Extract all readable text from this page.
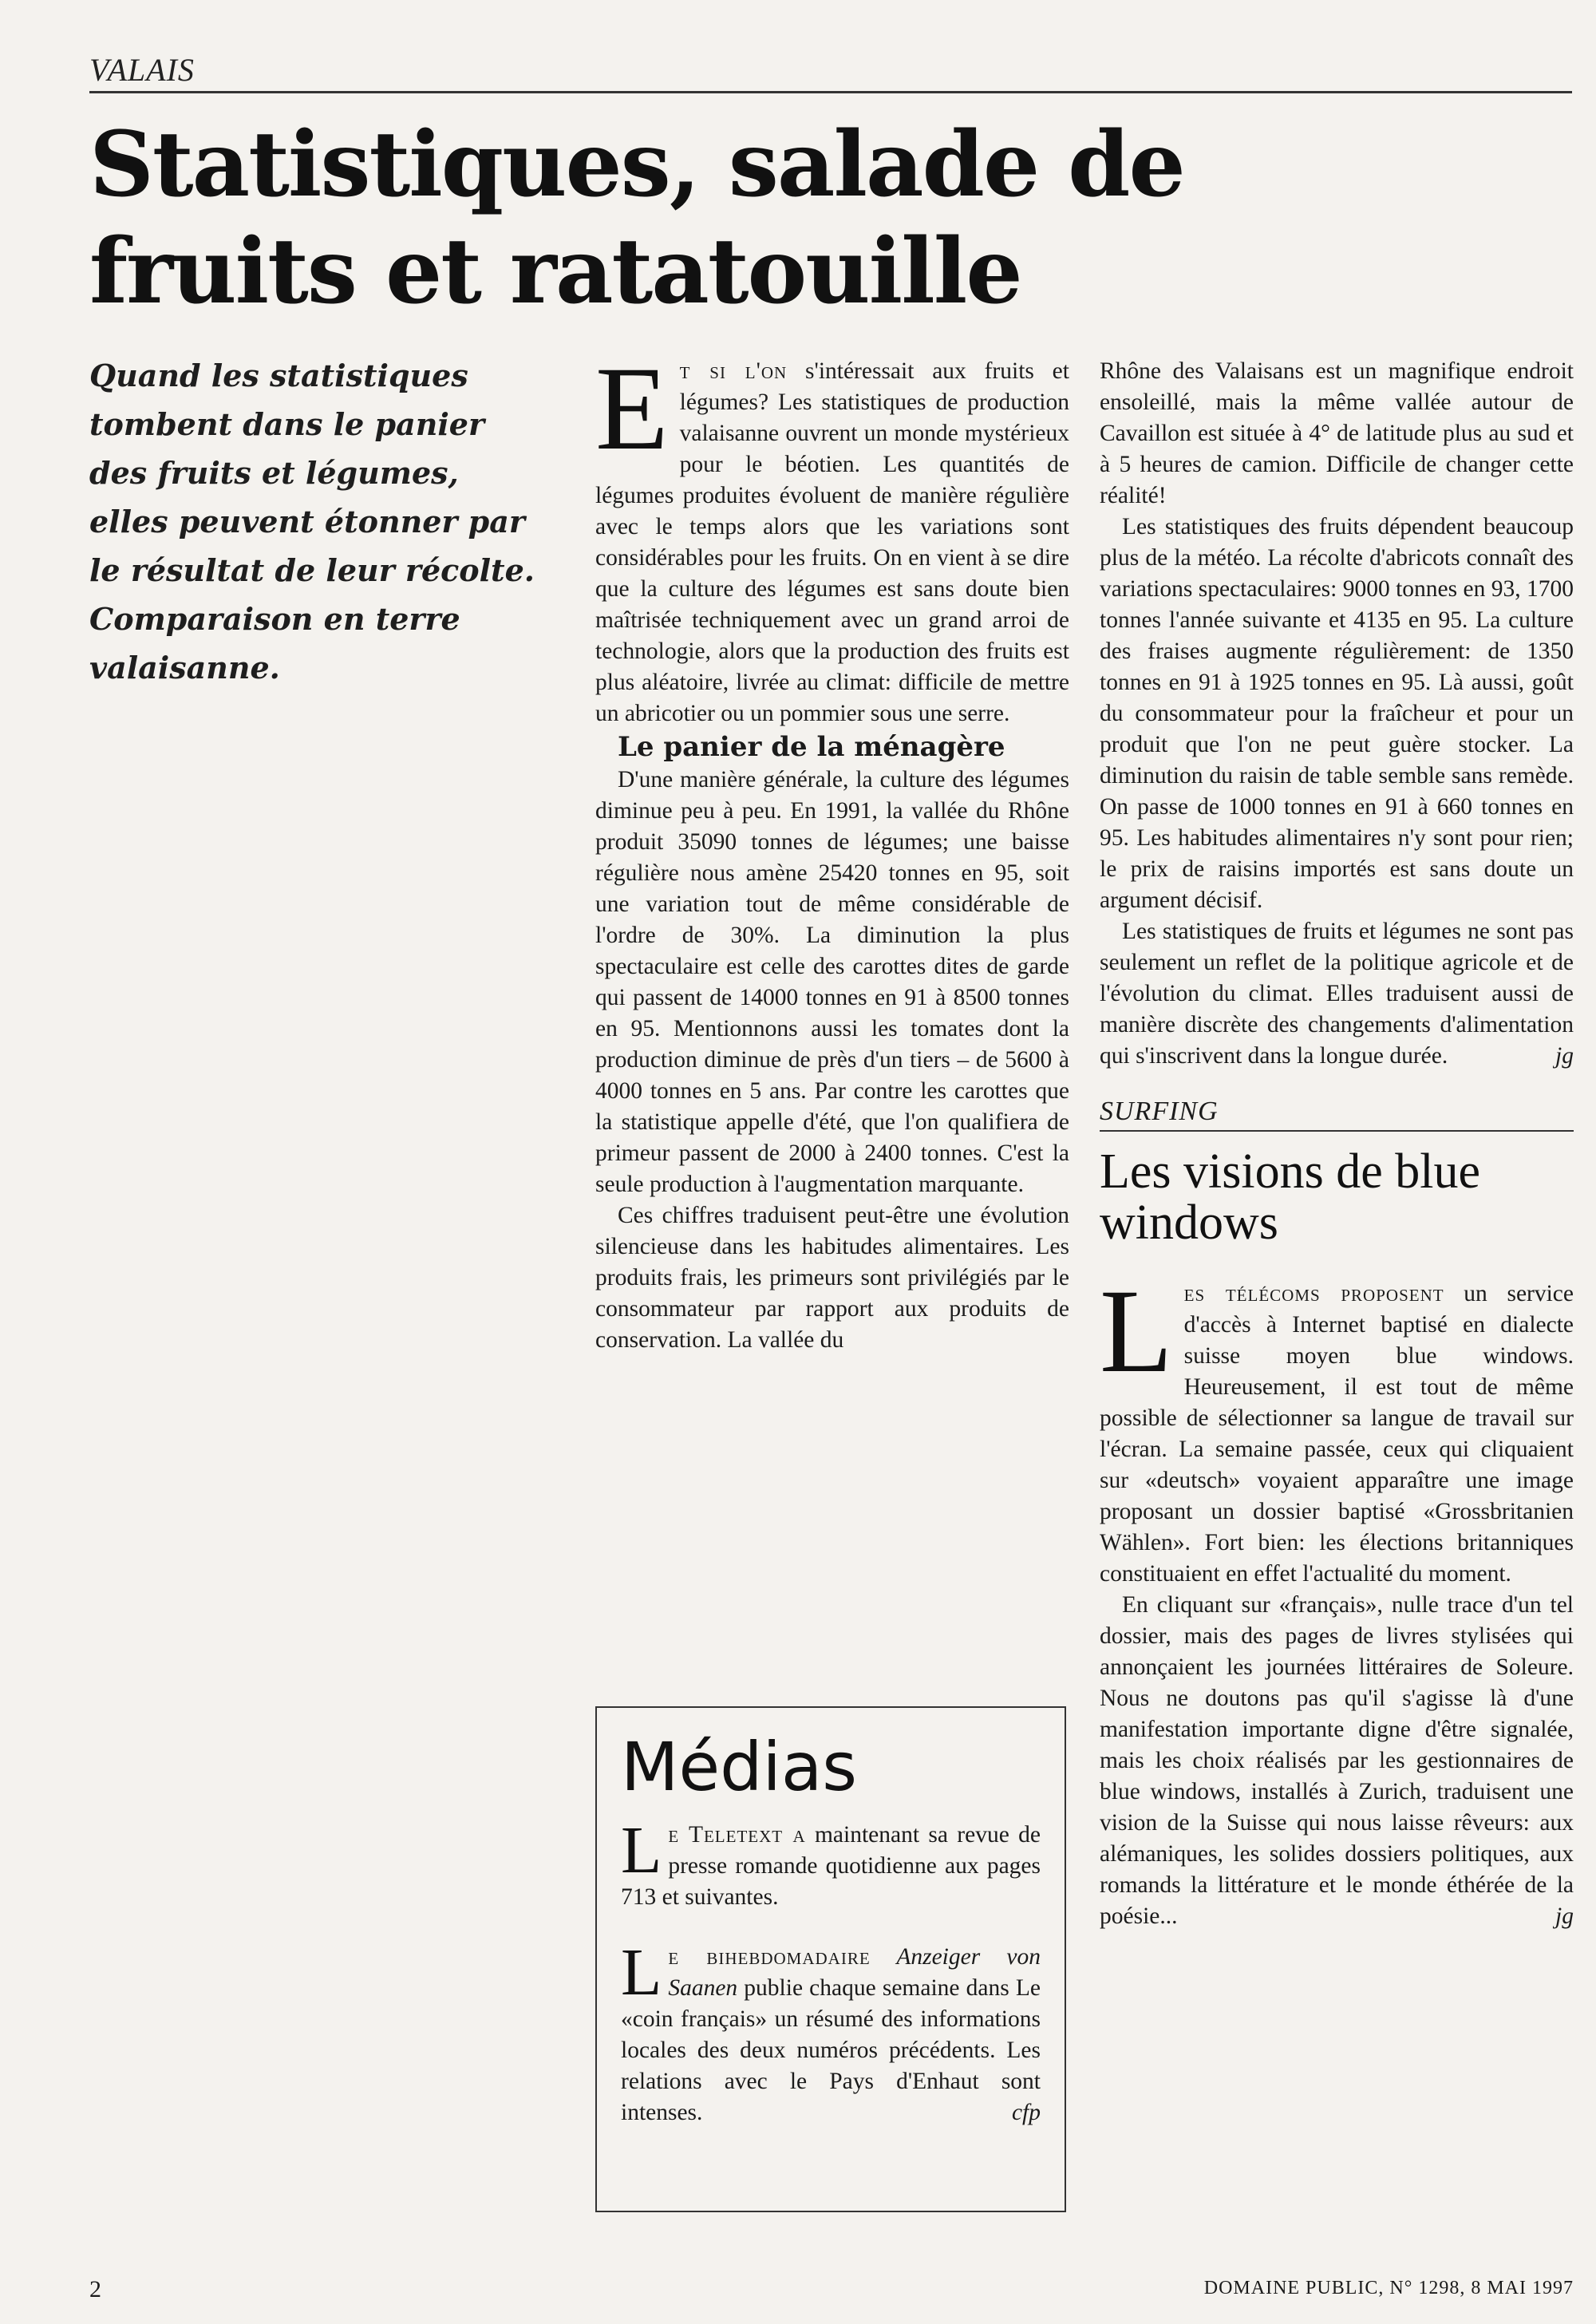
VALAIS
Statistiques, salade de fruits et ratatouille
Quand les statistiques tombent dans le panier des fruits et légumes, elles peuvent étonner par le résultat de leur récolte. Comparaison en terre valaisanne.

Et si l'on s'intéressait aux fruits et légumes? Les statistiques de production valaisanne ouvrent un monde mystérieux pour le béotien. Les quantités de légumes produites évoluent de manière régulière avec le temps alors que les variations sont considérables pour les fruits. On en vient à se dire que la culture des légumes est sans doute bien maîtrisée techniquement avec un grand arroi de technologie, alors que la production des fruits est plus aléatoire, livrée au climat: difficile de mettre un abricotier ou un pommier sous une serre.

Le panier de la ménagère

D'une manière générale, la culture des légumes diminue peu à peu. En 1991, la vallée du Rhône produit 35090 tonnes de légumes; une baisse régulière nous amène 25420 tonnes en 95, soit une variation tout de même considérable de l'ordre de 30%. La diminution la plus spectaculaire est celle des carottes dites de garde qui passent de 14000 tonnes en 91 à 8500 tonnes en 95. Mentionnons aussi les tomates dont la production diminue de près d'un tiers – de 5600 à 4000 tonnes en 5 ans. Par contre les carottes que la statistique appelle d'été, que l'on qualifiera de primeur passent de 2000 à 2400 tonnes. C'est la seule production à l'augmentation marquante.

Ces chiffres traduisent peut-être une évolution silencieuse dans les habitudes alimentaires. Les produits frais, les primeurs sont privilégiés par le consommateur par rapport aux produits de conservation. La vallée du

Médias

Le Teletext a maintenant sa revue de presse romande quotidienne aux pages 713 et suivantes.

Le bihebdomadaire Anzeiger von Saanen publie chaque semaine dans Le «coin français» un résumé des informations locales des deux numéros précédents. Les relations avec le Pays d'Enhaut sont intenses.	cfp

Rhône des Valaisans est un magnifique endroit ensoleillé, mais la même vallée autour de Cavaillon est située à 4° de latitude plus au sud et à 5 heures de camion. Difficile de changer cette réalité!

Les statistiques des fruits dépendent beaucoup plus de la météo. La récolte d'abricots connaît des variations spectaculaires: 9000 tonnes en 93, 1700 tonnes l'année suivante et 4135 en 95. La culture des fraises augmente régulièrement: de 1350 tonnes en 91 à 1925 tonnes en 95. Là aussi, goût du consommateur pour la fraîcheur et pour un produit que l'on ne peut guère stocker. La diminution du raisin de table semble sans remède. On passe de 1000 tonnes en 91 à 660 tonnes en 95. Les habitudes alimentaires n'y sont pour rien; le prix de raisins importés est sans doute un argument décisif.

Les statistiques de fruits et légumes ne sont pas seulement un reflet de la politique agricole et de l'évolution du climat. Elles traduisent aussi de manière discrète des changements d'alimentation qui s'inscrivent dans la longue durée.	jg

SURFING
Les visions de blue windows

Les télécoms proposent un service d'accès à Internet baptisé en dialecte suisse moyen blue windows. Heureusement, il est tout de même possible de sélectionner sa langue de travail sur l'écran. La semaine passée, ceux qui cliquaient sur «deutsch» voyaient apparaître une image proposant un dossier baptisé «Grossbritanien Wählen». Fort bien: les élections britanniques constituaient en effet l'actualité du moment.

En cliquant sur «français», nulle trace d'un tel dossier, mais des pages de livres stylisées qui annonçaient les journées littéraires de Soleure. Nous ne doutons pas qu'il s'agisse là d'une manifestation importante digne d'être signalée, mais les choix réalisés par les gestionnaires de blue windows, installés à Zurich, traduisent une vision de la Suisse qui nous laisse rêveurs: aux alémaniques, les solides dossiers politiques, aux romands la littérature et le monde éthérée de la poésie...	jg

2	DOMAINE PUBLIC, N° 1298, 8 MAI 1997
